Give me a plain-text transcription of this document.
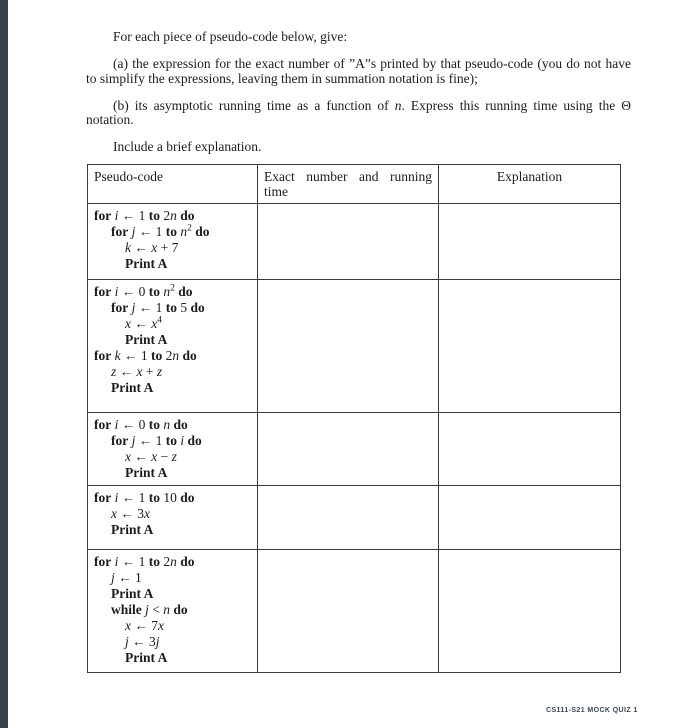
For each piece of pseudo-code below, give:

(a) the expression for the exact number of ”A”s printed by that pseudo-code (you do not have to simplify the expressions, leaving them in summation notation is fine);

(b) its asymptotic running time as a function of n. Express this running time using the Θ notation.

Include a brief explanation.

Pseudo-code	Exact number and running time	Explanation

for i ← 1 to 2n do
for j ← 1 to $n^2$ do
k ← x + 7
Print A		

for i ← 0 to $n^2$ do
for j ← 1 to 5 do
x ← $x^4$
Print A
for k ← 1 to 2n do
z ← x + z
Print A

for i ← 0 to n do
for j ← 1 to i do
x ← x − z
Print A		

for i ← 1 to 10 do
x ← 3x
Print A		

for i ← 1 to 2n do
j ← 1
Print A
while j < n do
x ← 7x
j ← 3j
Print A

CS111-S21 MOCK QUIZ 1
